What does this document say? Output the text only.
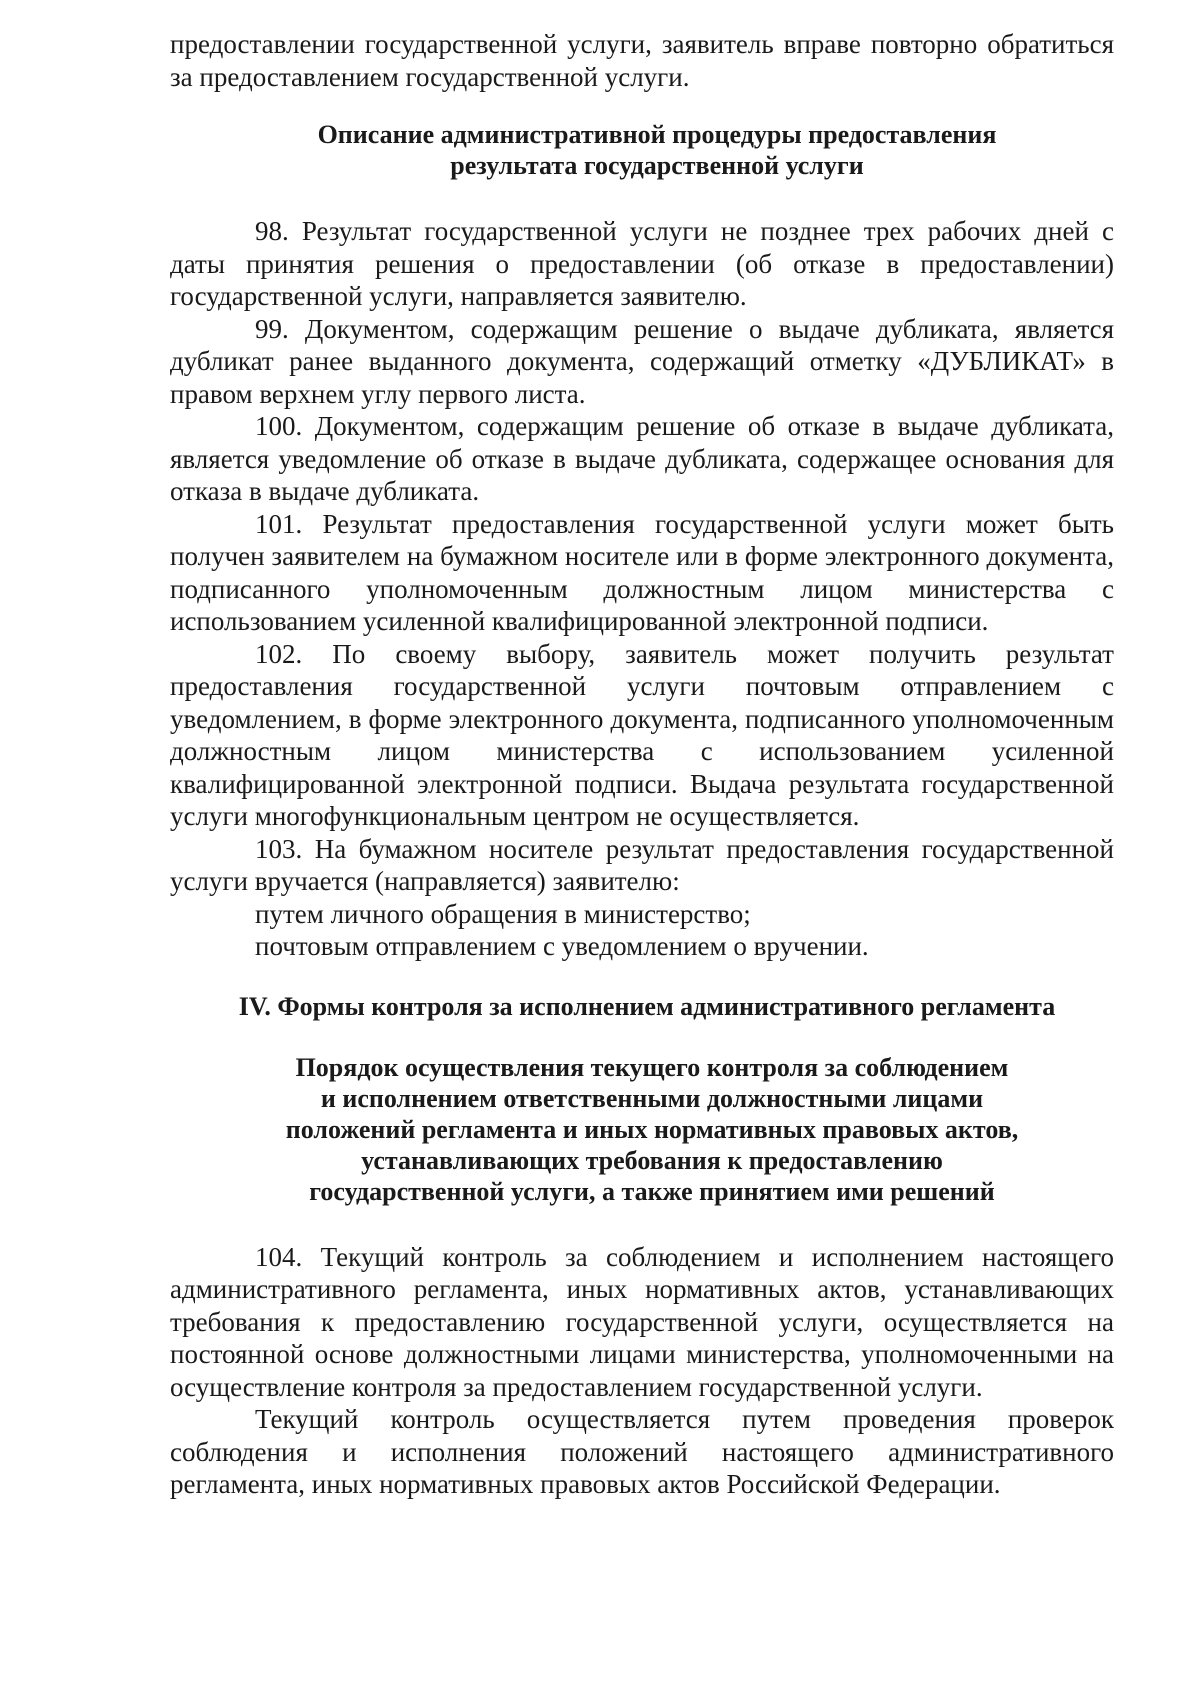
предоставлении государственной услуги, заявитель вправе повторно обратиться за предоставлением государственной услуги.

Описание административной процедуры предоставления
результата государственной услуги

98. Результат государственной услуги не позднее трех рабочих дней с даты принятия решения о предоставлении (об отказе в предоставлении) государственной услуги, направляется заявителю.

99. Документом, содержащим решение о выдаче дубликата, является дубликат ранее выданного документа, содержащий отметку «ДУБЛИКАТ» в правом верхнем углу первого листа.

100. Документом, содержащим решение об отказе в выдаче дубликата, является уведомление об отказе в выдаче дубликата, содержащее основания для отказа в выдаче дубликата.

101. Результат предоставления государственной услуги может быть получен заявителем на бумажном носителе или в форме электронного документа, подписанного уполномоченным должностным лицом министерства с использованием усиленной квалифицированной электронной подписи.

102. По своему выбору, заявитель может получить результат предоставления государственной услуги почтовым отправлением с уведомлением, в форме электронного документа, подписанного уполномоченным должностным лицом министерства с использованием усиленной квалифицированной электронной подписи. Выдача результата государственной услуги многофункциональным центром не осуществляется.

103. На бумажном носителе результат предоставления государственной услуги вручается (направляется) заявителю:

путем личного обращения в министерство;

почтовым отправлением с уведомлением о вручении.

IV. Формы контроля за исполнением административного регламента

Порядок осуществления текущего контроля за соблюдением
и исполнением ответственными должностными лицами
положений регламента и иных нормативных правовых актов,
устанавливающих требования к предоставлению
государственной услуги, а также принятием ими решений

104. Текущий контроль за соблюдением и исполнением настоящего административного регламента, иных нормативных актов, устанавливающих требования к предоставлению государственной услуги, осуществляется на постоянной основе должностными лицами министерства, уполномоченными на осуществление контроля за предоставлением государственной услуги.

Текущий контроль осуществляется путем проведения проверок соблюдения и исполнения положений настоящего административного регламента, иных нормативных правовых актов Российской Федерации.
